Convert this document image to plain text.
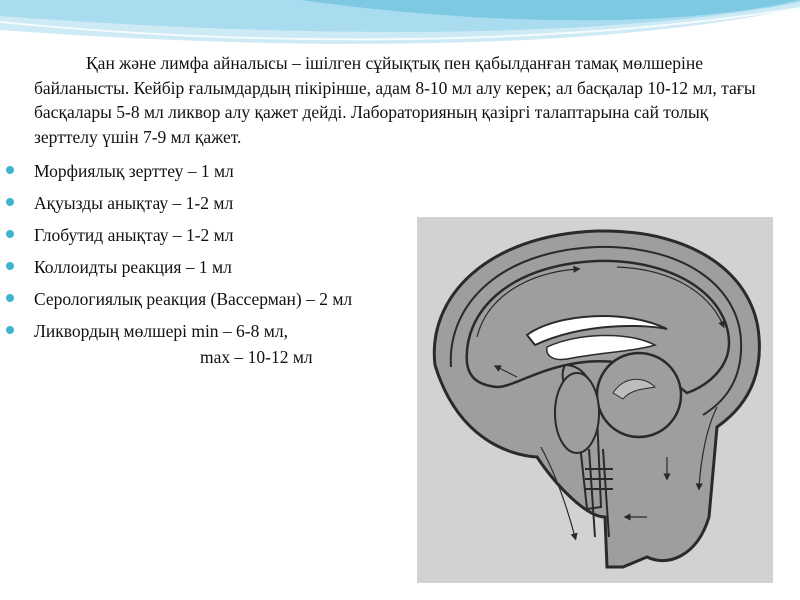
Қан және лимфа айналысы – ішілген сұйықтық пен қабылданған тамақ мөлшеріне байланысты. Кейбір ғалымдардың пікірінше, адам 8-10 мл алу керек; ал басқалар 10-12 мл, тағы басқалары 5-8 мл ликвор алу қажет дейді. Лабораторияның қазіргі талаптарына сай толық зерттелу үшін 7-9 мл қажет.

Морфиялық зерттеу – 1 мл
Ақуызды анықтау – 1-2 мл
Глобутид анықтау – 1-2 мл
Коллоидты реакция – 1 мл
Серологиялық реакция (Вассерман) – 2 мл
Ликвордың мөлшері min – 6-8 мл,
max – 10-12 мл
